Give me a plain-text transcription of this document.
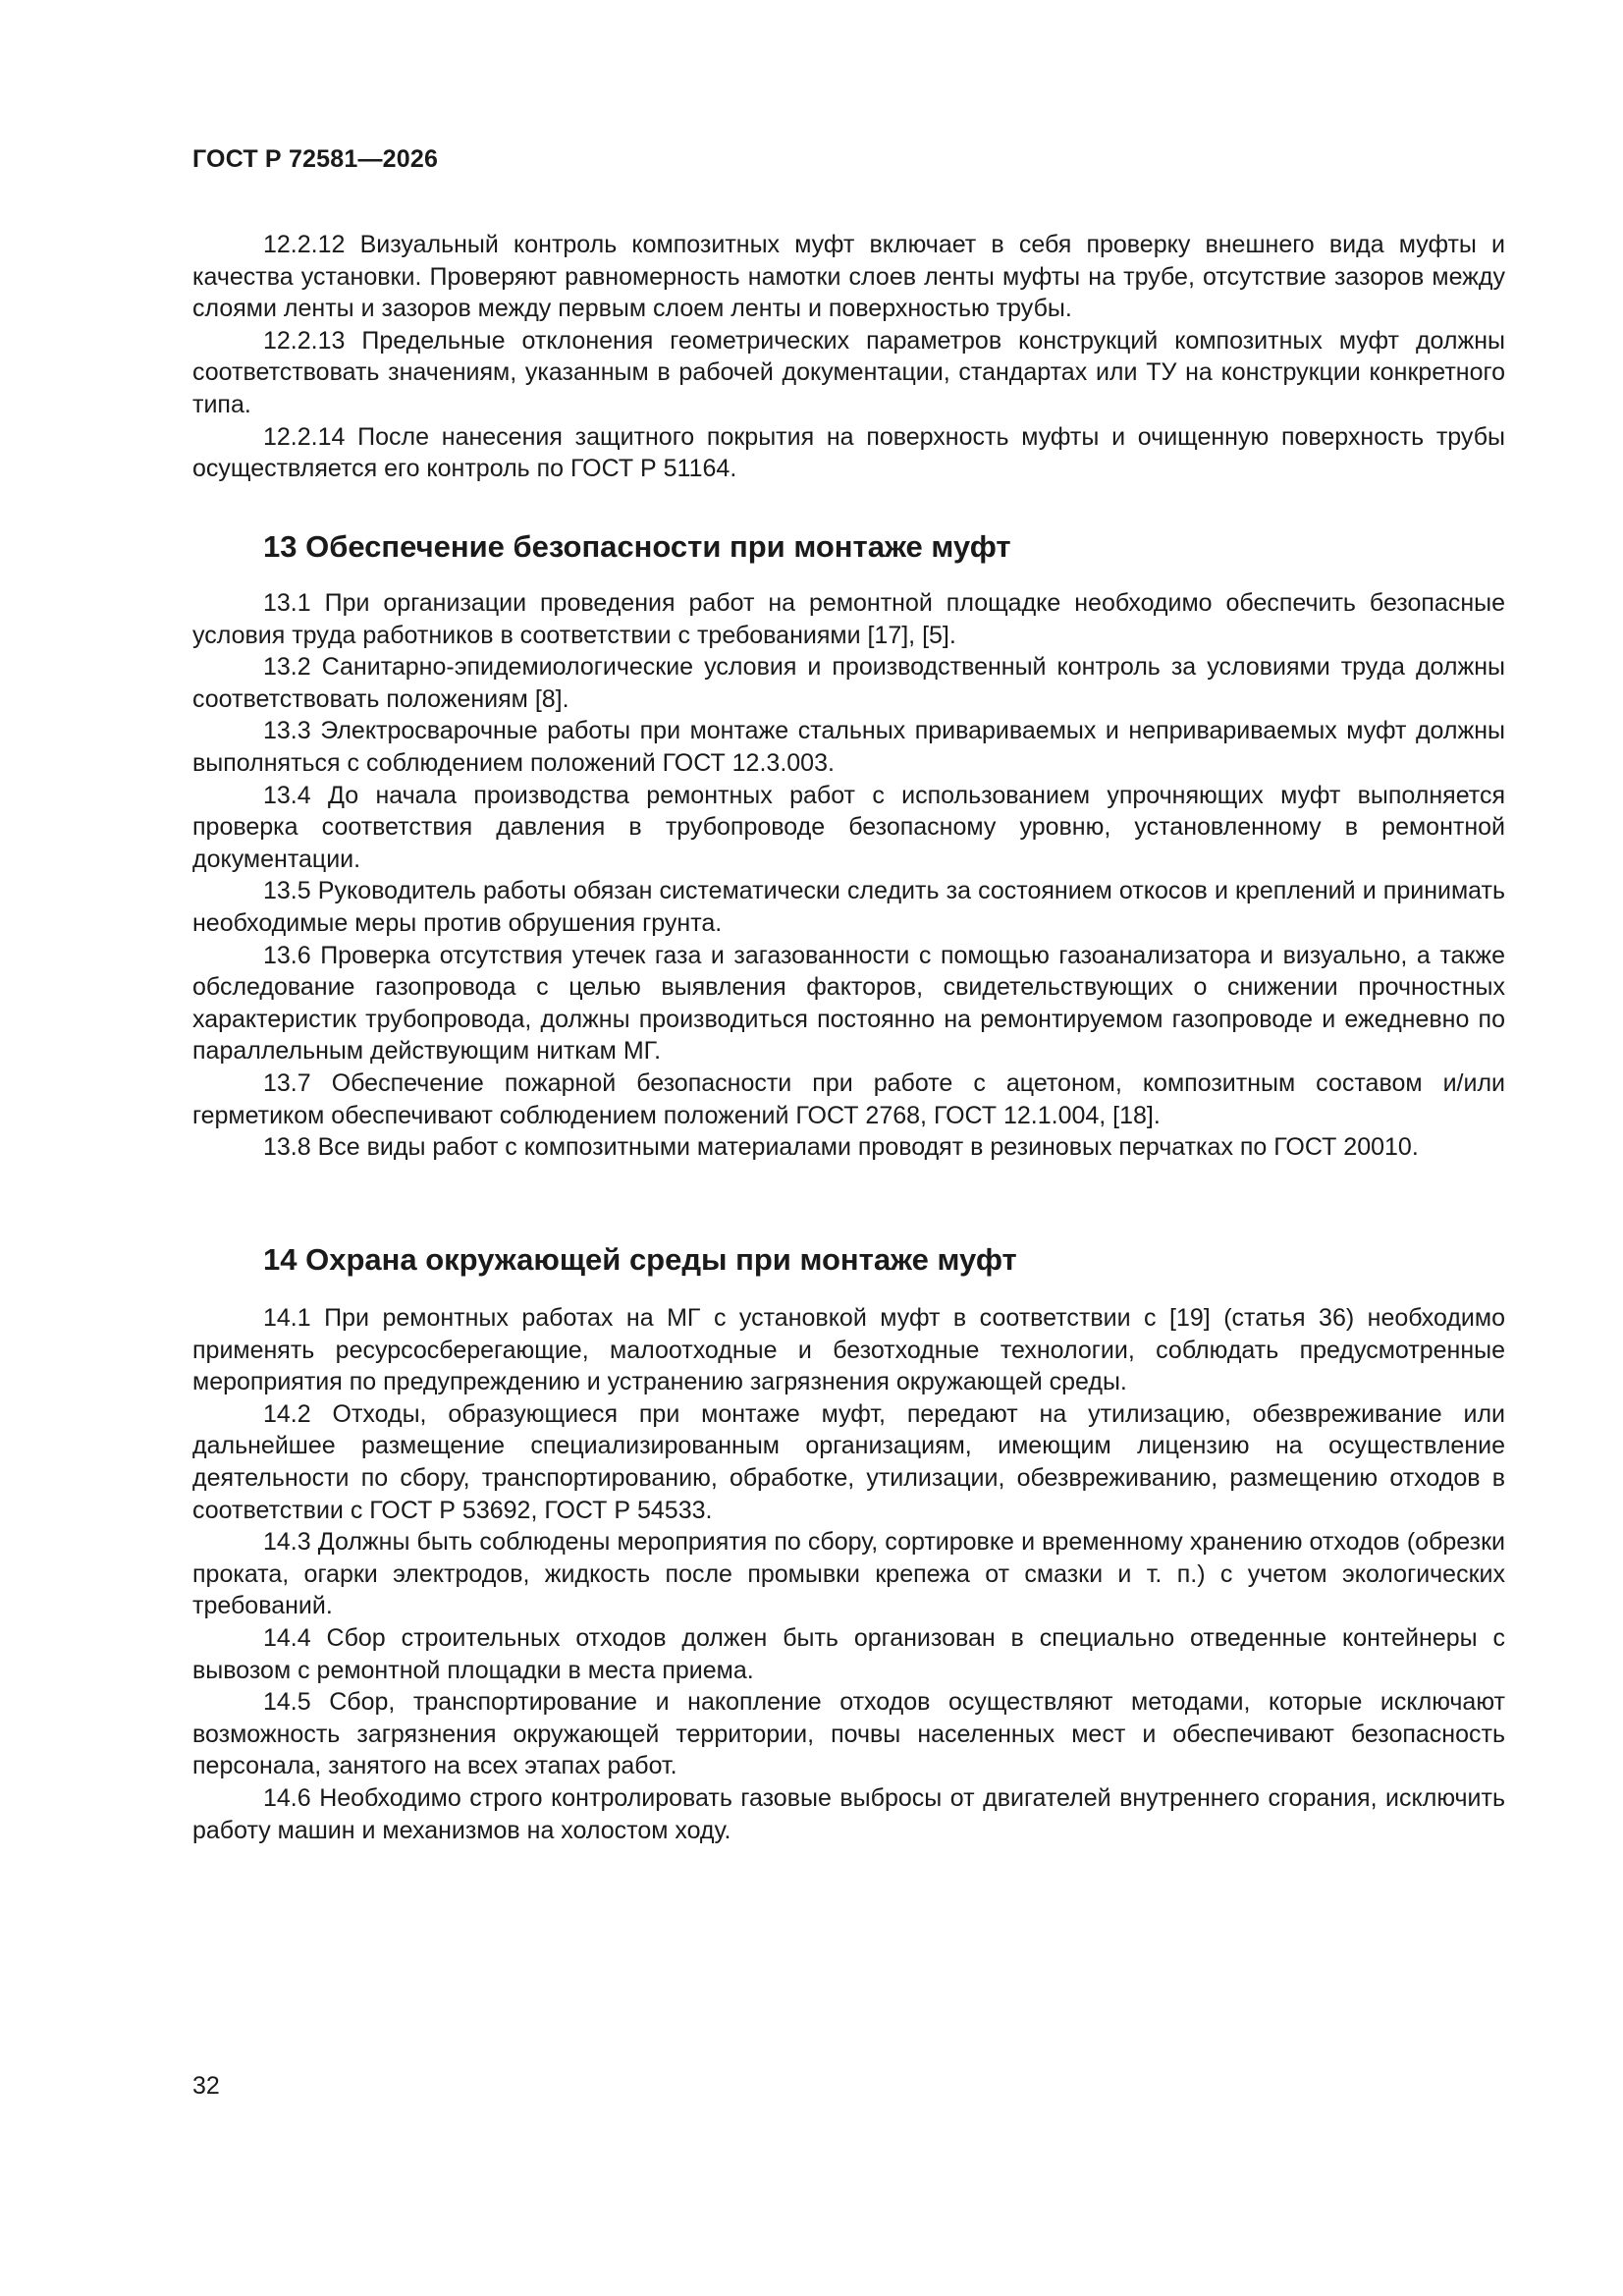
ГОСТ Р 72581—2026

12.2.12 Визуальный контроль композитных муфт включает в себя проверку внешнего вида муфты и качества установки. Проверяют равномерность намотки слоев ленты муфты на трубе, отсутствие зазоров между слоями ленты и зазоров между первым слоем ленты и поверхностью трубы.

12.2.13 Предельные отклонения геометрических параметров конструкций композитных муфт должны соответствовать значениям, указанным в рабочей документации, стандартах или ТУ на конструкции конкретного типа.

12.2.14 После нанесения защитного покрытия на поверхность муфты и очищенную поверхность трубы осуществляется его контроль по ГОСТ Р 51164.

13 Обеспечение безопасности при монтаже муфт

13.1 При организации проведения работ на ремонтной площадке необходимо обеспечить безопасные условия труда работников в соответствии с требованиями [17], [5].

13.2 Санитарно-эпидемиологические условия и производственный контроль за условиями труда должны соответствовать положениям [8].

13.3 Электросварочные работы при монтаже стальных привариваемых и непривариваемых муфт должны выполняться с соблюдением положений ГОСТ 12.3.003.

13.4 До начала производства ремонтных работ с использованием упрочняющих муфт выполняется проверка соответствия давления в трубопроводе безопасному уровню, установленному в ремонтной документации.

13.5 Руководитель работы обязан систематически следить за состоянием откосов и креплений и принимать необходимые меры против обрушения грунта.

13.6 Проверка отсутствия утечек газа и загазованности с помощью газоанализатора и визуально, а также обследование газопровода с целью выявления факторов, свидетельствующих о снижении прочностных характеристик трубопровода, должны производиться постоянно на ремонтируемом газопроводе и ежедневно по параллельным действующим ниткам МГ.

13.7 Обеспечение пожарной безопасности при работе с ацетоном, композитным составом и/или герметиком обеспечивают соблюдением положений ГОСТ 2768, ГОСТ 12.1.004, [18].

13.8 Все виды работ с композитными материалами проводят в резиновых перчатках по ГОСТ 20010.

14 Охрана окружающей среды при монтаже муфт

14.1 При ремонтных работах на МГ с установкой муфт в соответствии с [19] (статья 36) необходимо применять ресурсосберегающие, малоотходные и безотходные технологии, соблюдать предусмотренные мероприятия по предупреждению и устранению загрязнения окружающей среды.

14.2 Отходы, образующиеся при монтаже муфт, передают на утилизацию, обезвреживание или дальнейшее размещение специализированным организациям, имеющим лицензию на осуществление деятельности по сбору, транспортированию, обработке, утилизации, обезвреживанию, размещению отходов в соответствии с ГОСТ Р 53692, ГОСТ Р 54533.

14.3 Должны быть соблюдены мероприятия по сбору, сортировке и временному хранению отходов (обрезки проката, огарки электродов, жидкость после промывки крепежа от смазки и т. п.) с учетом экологических требований.

14.4 Сбор строительных отходов должен быть организован в специально отведенные контейнеры с вывозом с ремонтной площадки в места приема.

14.5 Сбор, транспортирование и накопление отходов осуществляют методами, которые исключают возможность загрязнения окружающей территории, почвы населенных мест и обеспечивают безопасность персонала, занятого на всех этапах работ.

14.6 Необходимо строго контролировать газовые выбросы от двигателей внутреннего сгорания, исключить работу машин и механизмов на холостом ходу.

32
